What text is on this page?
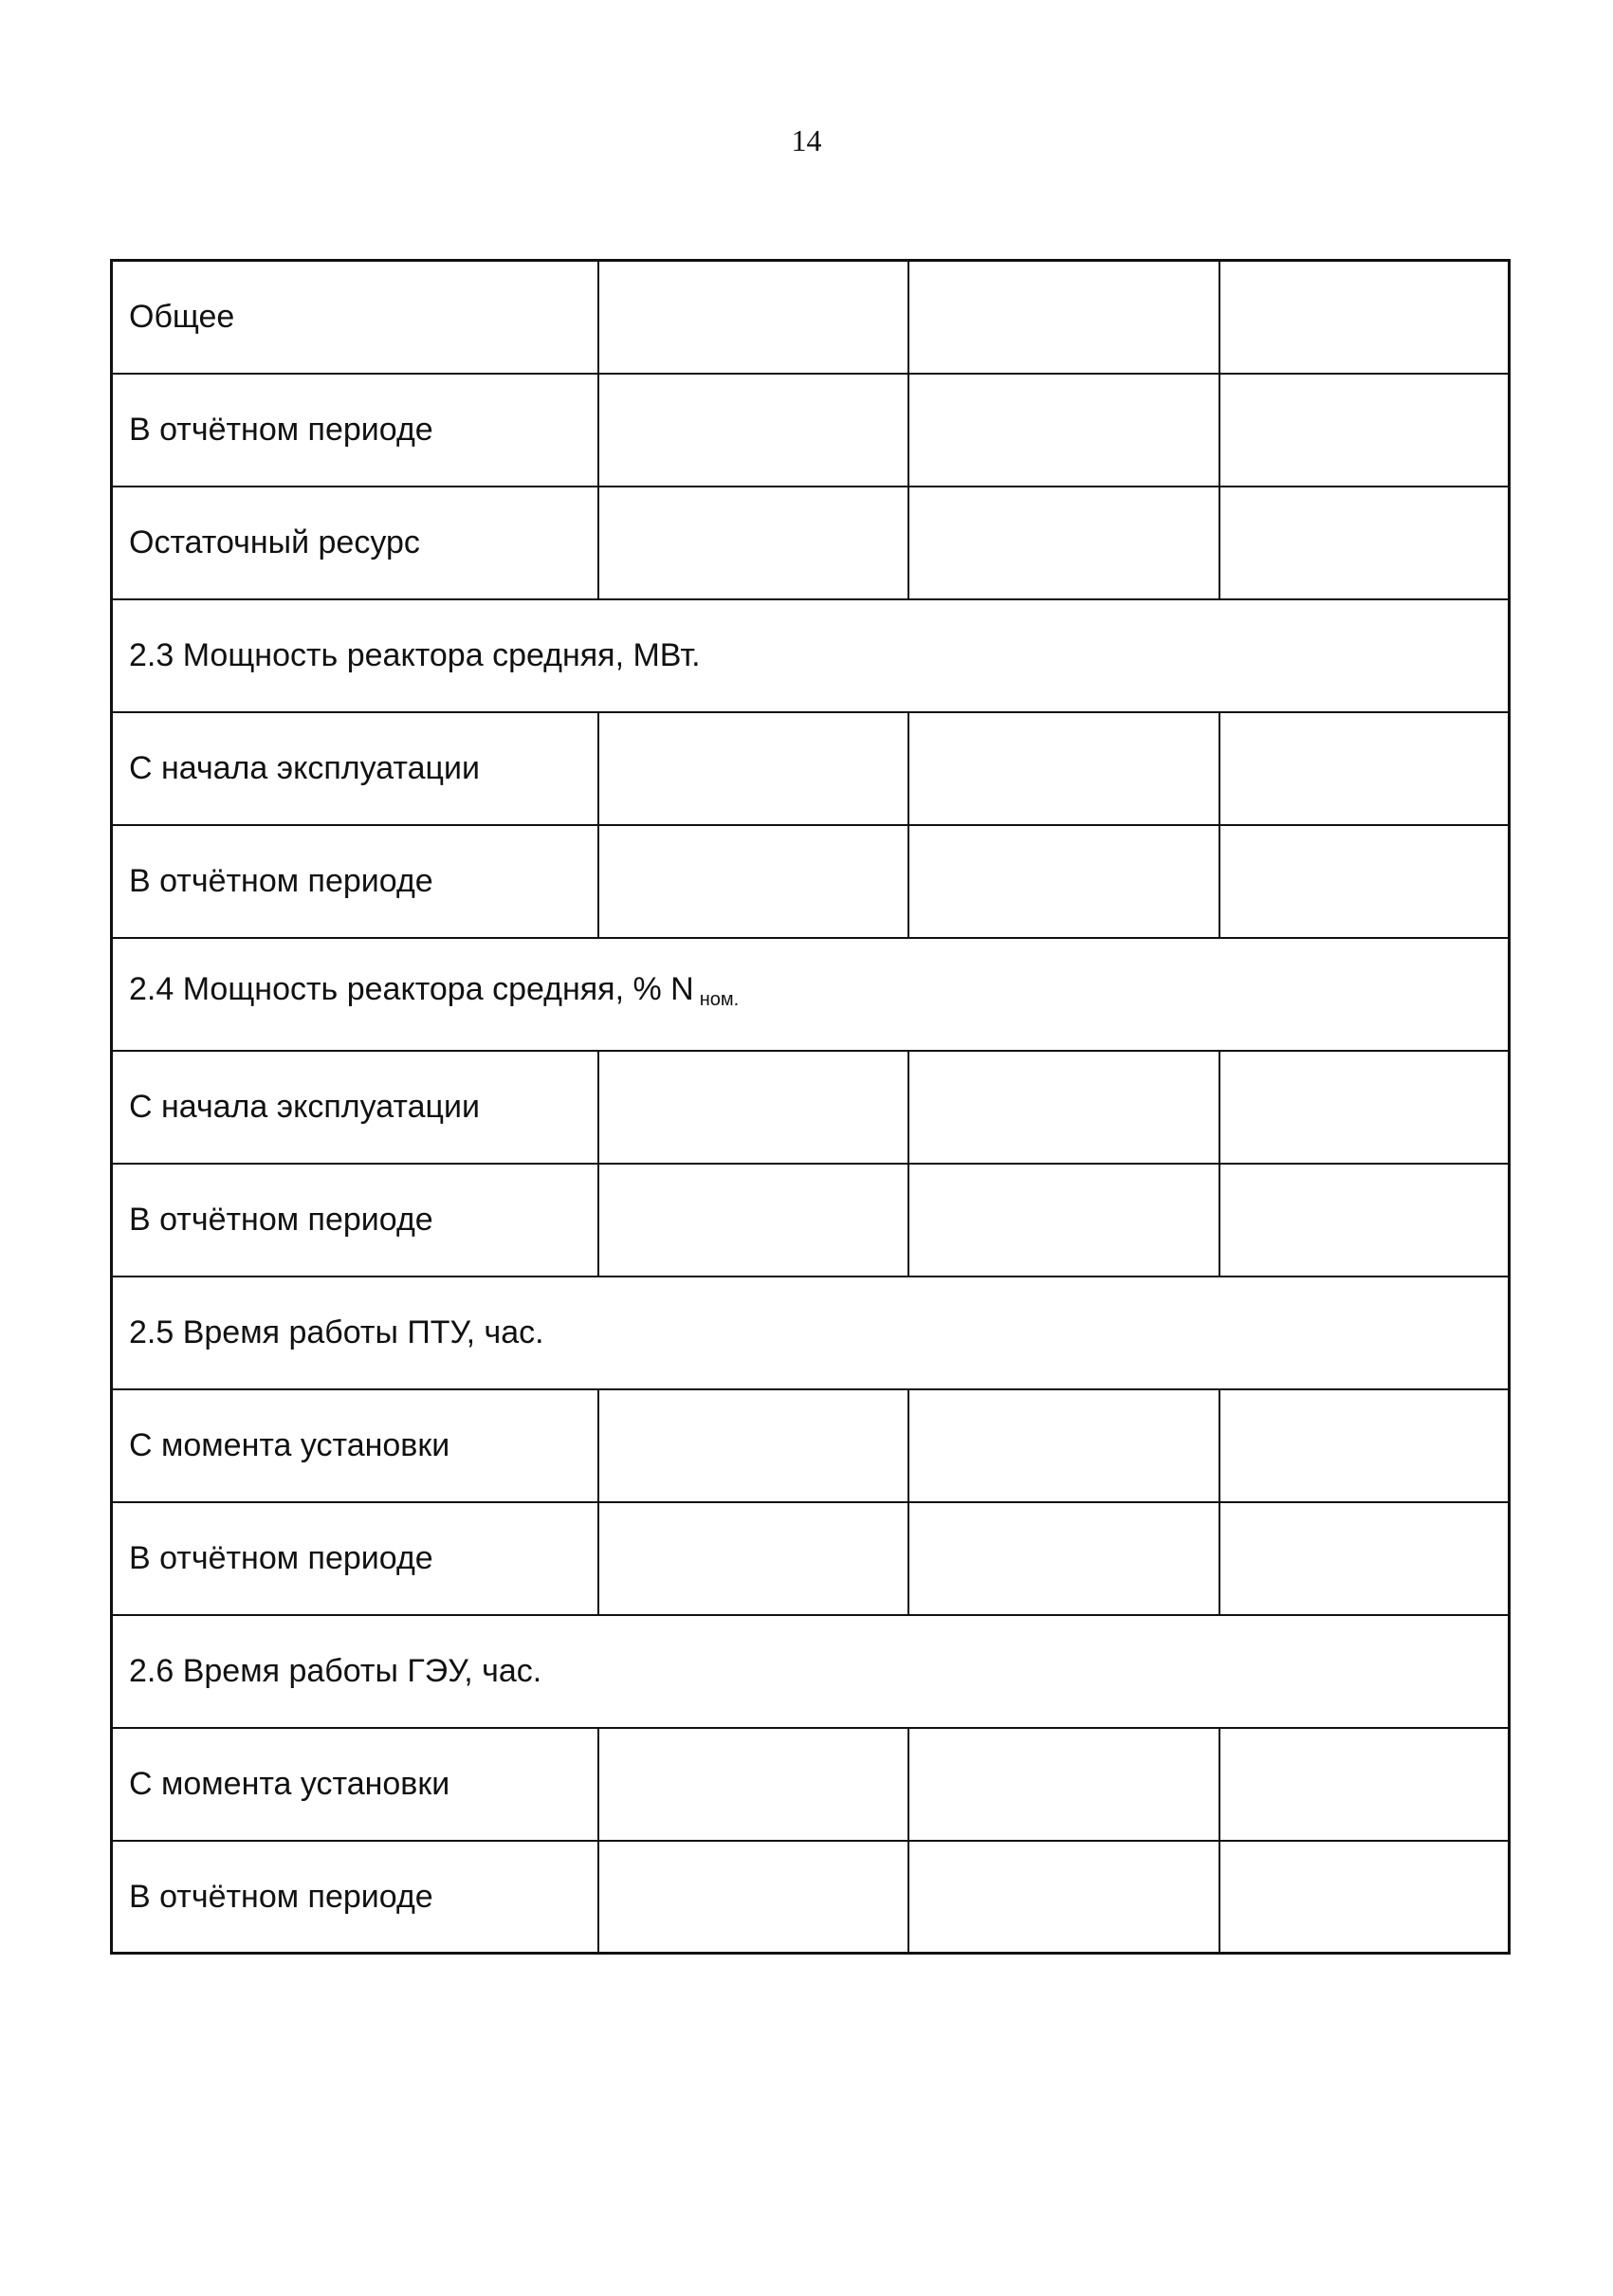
14
Общее			
В отчётном периоде			
Остаточный ресурс			
2.3 Мощность реактора средняя, МВт.			
С начала эксплуатации			
В отчётном периоде			
2.4 Мощность реактора средняя, % N $_{ном.}$
С начала эксплуатации			
В отчётном периоде			
2.5 Время работы ПТУ, час.			
С момента установки			
В отчётном периоде			
2.6 Время работы ГЭУ, час.			
С момента установки			
В отчётном периоде			
